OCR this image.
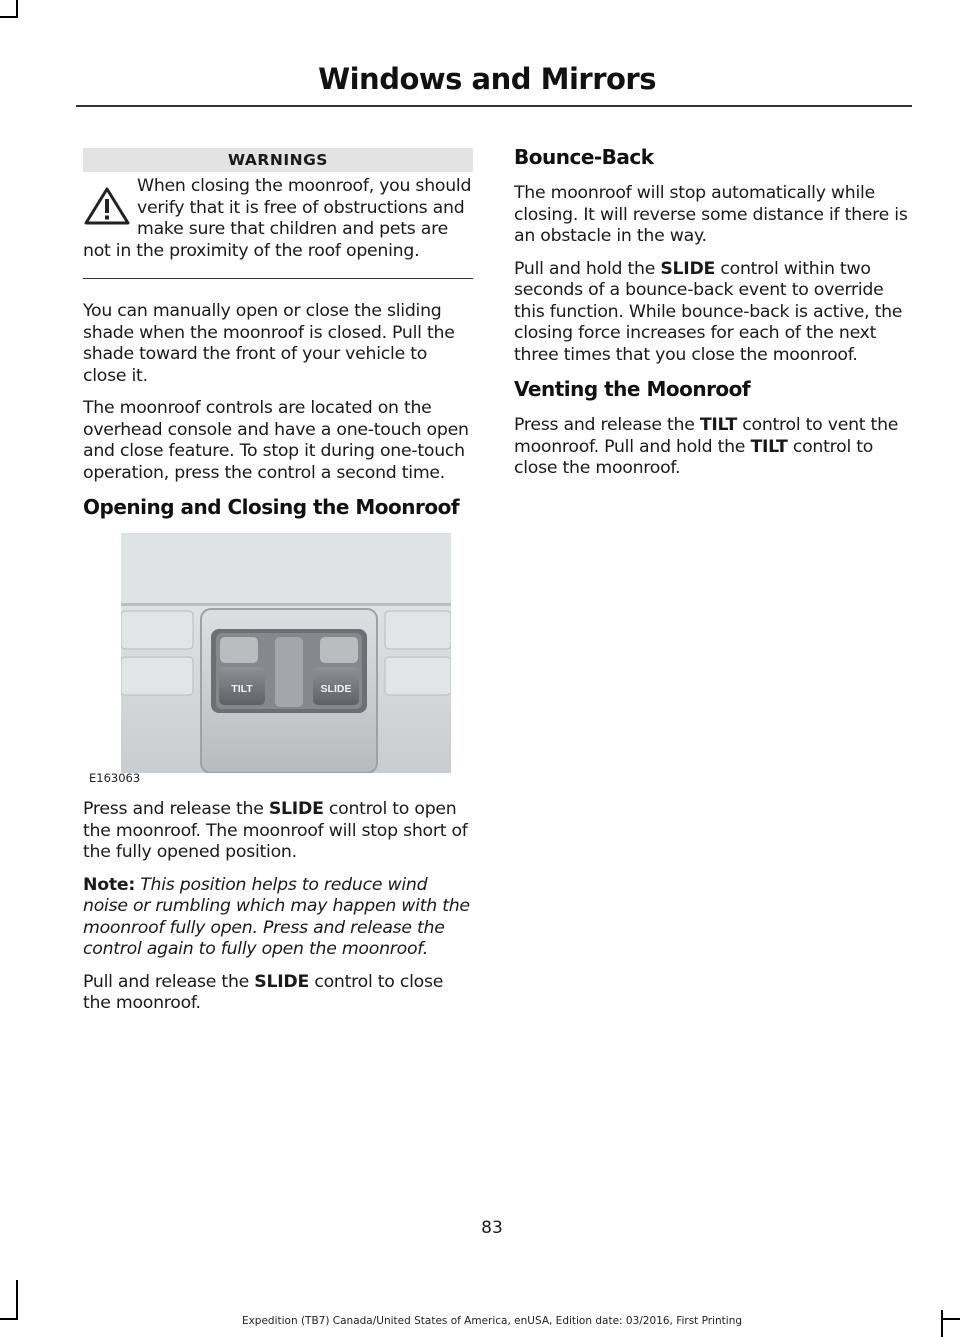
Windows and Mirrors
WARNINGS
When closing the moonroof, you should verify that it is free of obstructions and make sure that children and pets are not in the proximity of the roof opening.

You can manually open or close the sliding shade when the moonroof is closed. Pull the shade toward the front of your vehicle to close it.

The moonroof controls are located on the overhead console and have a one-touch open and close feature. To stop it during one-touch operation, press the control a second time.

Opening and Closing the Moonroof
TILT	SLIDE
E163063

Press and release the SLIDE control to open the moonroof. The moonroof will stop short of the fully opened position.

Note: This position helps to reduce wind noise or rumbling which may happen with the moonroof fully open. Press and release the control again to fully open the moonroof.

Pull and release the SLIDE control to close the moonroof.

Bounce-Back

The moonroof will stop automatically while closing. It will reverse some distance if there is an obstacle in the way.

Pull and hold the SLIDE control within two seconds of a bounce-back event to override this function. While bounce-back is active, the closing force increases for each of the next three times that you close the moonroof.

Venting the Moonroof

Press and release the TILT control to vent the moonroof. Pull and hold the TILT control to close the moonroof.

83
Expedition (TB7) Canada/United States of America, enUSA, Edition date: 03/2016, First Printing
